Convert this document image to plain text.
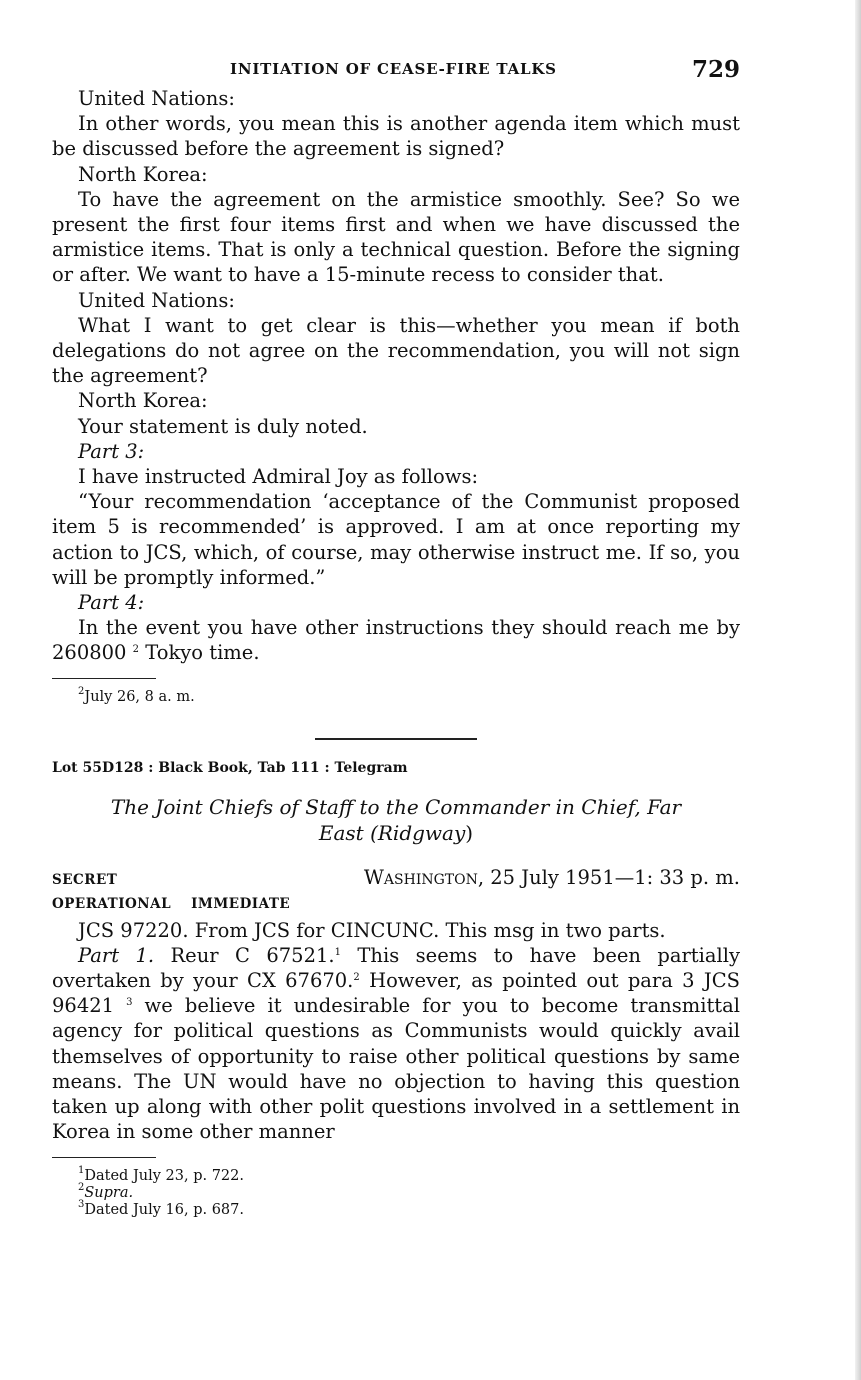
INITIATION OF CEASE-FIRE TALKS	729

United Nations:

In other words, you mean this is another agenda item which must be discussed before the agreement is signed?

North Korea:

To have the agreement on the armistice smoothly. See? So we present the first four items first and when we have discussed the armistice items. That is only a technical question. Before the signing or after. We want to have a 15-minute recess to consider that.

United Nations:

What I want to get clear is this—whether you mean if both delegations do not agree on the recommendation, you will not sign the agreement?

North Korea:

Your statement is duly noted.

Part 3:

I have instructed Admiral Joy as follows:

“Your recommendation ‘acceptance of the Communist proposed item 5 is recommended’ is approved. I am at once reporting my action to JCS, which, of course, may otherwise instruct me. If so, you will be promptly informed.”

Part 4:

In the event you have other instructions they should reach me by 260800 $^2$ Tokyo time.

$^2$July 26, 8 a. m.

Lot 55D128 : Black Book, Tab 111 : Telegram

The Joint Chiefs of Staff to the Commander in Chief, Far East (Ridgway)

SECRET	Washington, 25 July 1951—1: 33 p. m.
OPERATIONAL IMMEDIATE

JCS 97220. From JCS for CINCUNC. This msg in two parts.

Part 1. Reur C 67521.$^1$ This seems to have been partially overtaken by your CX 67670.$^2$ However, as pointed out para 3 JCS 96421 $^3$ we believe it undesirable for you to become transmittal agency for political questions as Communists would quickly avail themselves of opportunity to raise other political questions by same means. The UN would have no objection to having this question taken up along with other polit questions involved in a settlement in Korea in some other manner

$^1$Dated July 23, p. 722.

$^2$Supra.

$^3$Dated July 16, p. 687.
